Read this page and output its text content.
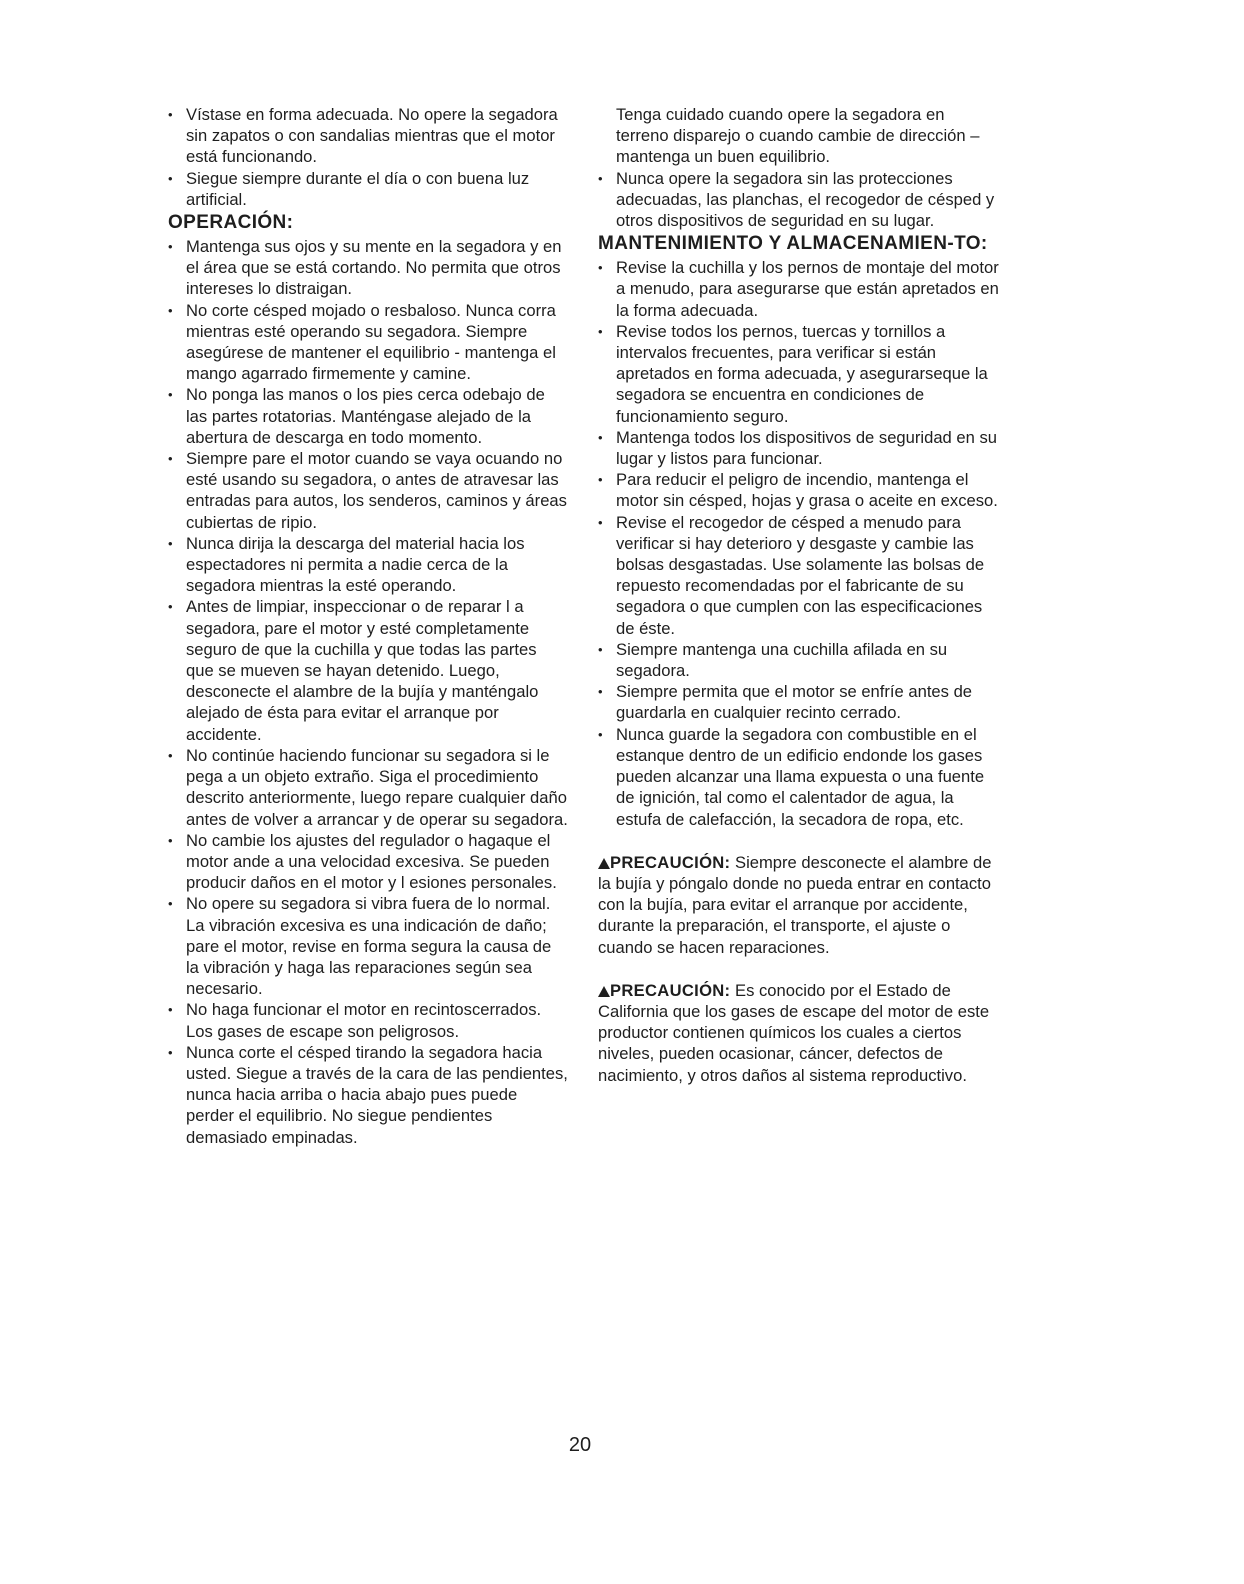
• Vístase en forma adecuada. No opere la segadora sin zapatos o con sandalias mientras que el motor está funcionando.
• Siegue siempre durante el día o con buena luz artificial.
OPERACIÓN:
• Mantenga sus ojos y su mente en la segadora y en el área que se está cortando. No permita que otros intereses lo distraigan.
• No corte césped mojado o resbaloso. Nunca corra mientras esté operando su segadora. Siempre asegúrese de mantener el equilibrio - mantenga el mango agarrado firmemente y camine.
• No ponga las manos o los pies cerca odebajo de las partes rotatorias. Manténgase alejado de la abertura de descarga en todo momento.
• Siempre pare el motor cuando se vaya ocuando no esté usando su segadora, o antes de atravesar las entradas para autos, los senderos, caminos y áreas cubiertas de ripio.
• Nunca dirija la descarga del material hacia los espectadores ni permita a nadie cerca de la segadora mientras la esté operando.
• Antes de limpiar, inspeccionar o de reparar l a segadora, pare el motor y esté completamente seguro de que la cuchilla y que todas las partes que se mueven se hayan detenido. Luego, desconecte el alambre de la bujía y manténgalo alejado de ésta para evitar el arranque por accidente.
• No continúe haciendo funcionar su segadora si le pega a un objeto extraño. Siga el procedimiento descrito anteriormente, luego repare cualquier daño antes de volver a arrancar y de operar su segadora.
• No cambie los ajustes del regulador o hagaque el motor ande a una velocidad excesiva. Se pueden producir daños en el motor y l esiones personales.
• No opere su segadora si vibra fuera de lo normal. La vibración excesiva es una indicación de daño; pare el motor, revise en forma segura la causa de la vibración y haga las reparaciones según sea necesario.
• No haga funcionar el motor en recintoscerrados. Los gases de escape son peligrosos.
• Nunca corte el césped tirando la segadora hacia usted. Siegue a través de la cara de las pendientes, nunca hacia arriba o hacia abajo pues puede perder el equilibrio. No siegue pendientes demasiado empinadas.

Tenga cuidado cuando opere la segadora en terreno disparejo o cuando cambie de dirección – mantenga un buen equilibrio.

• Nunca opere la segadora sin las protecciones adecuadas, las planchas, el recogedor de césped y otros dispositivos de seguridad en su lugar.
MANTENIMIENTO Y ALMACENAMIEN-TO:
• Revise la cuchilla y los pernos de montaje del motor a menudo, para asegurarse que están apretados en la forma adecuada.
• Revise todos los pernos, tuercas y tornillos a intervalos frecuentes, para verificar si están apretados en forma adecuada, y asegurarseque la segadora se encuentra en condiciones de funcionamiento seguro.
• Mantenga todos los dispositivos de seguridad en su lugar y listos para funcionar.
• Para reducir el peligro de incendio, mantenga el motor sin césped, hojas y grasa o aceite en exceso.
• Revise el recogedor de césped a menudo para verificar si hay deterioro y desgaste y cambie las bolsas desgastadas. Use solamente las bolsas de repuesto recomendadas por el fabricante de su segadora o que cumplen con las especificaciones de éste.
• Siempre mantenga una cuchilla afilada en su segadora.
• Siempre permita que el motor se enfríe antes de guardarla en cualquier recinto cerrado.
• Nunca guarde la segadora con combustible en el estanque dentro de un edificio endonde los gases pueden alcanzar una llama expuesta o una fuente de ignición, tal como el calentador de agua, la estufa de calefacción, la secadora de ropa, etc.

PRECAUCIÓN: Siempre desconecte el alambre de la bujía y póngalo donde no pueda entrar en contacto con la bujía, para evitar el arranque por accidente, durante la preparación, el transporte, el ajuste o cuando se hacen reparaciones.

PRECAUCIÓN: Es conocido por el Estado de California que los gases de escape del motor de este productor contienen químicos los cuales a ciertos niveles, pueden ocasionar, cáncer, defectos de nacimiento, y otros daños al sistema reproductivo.

20
